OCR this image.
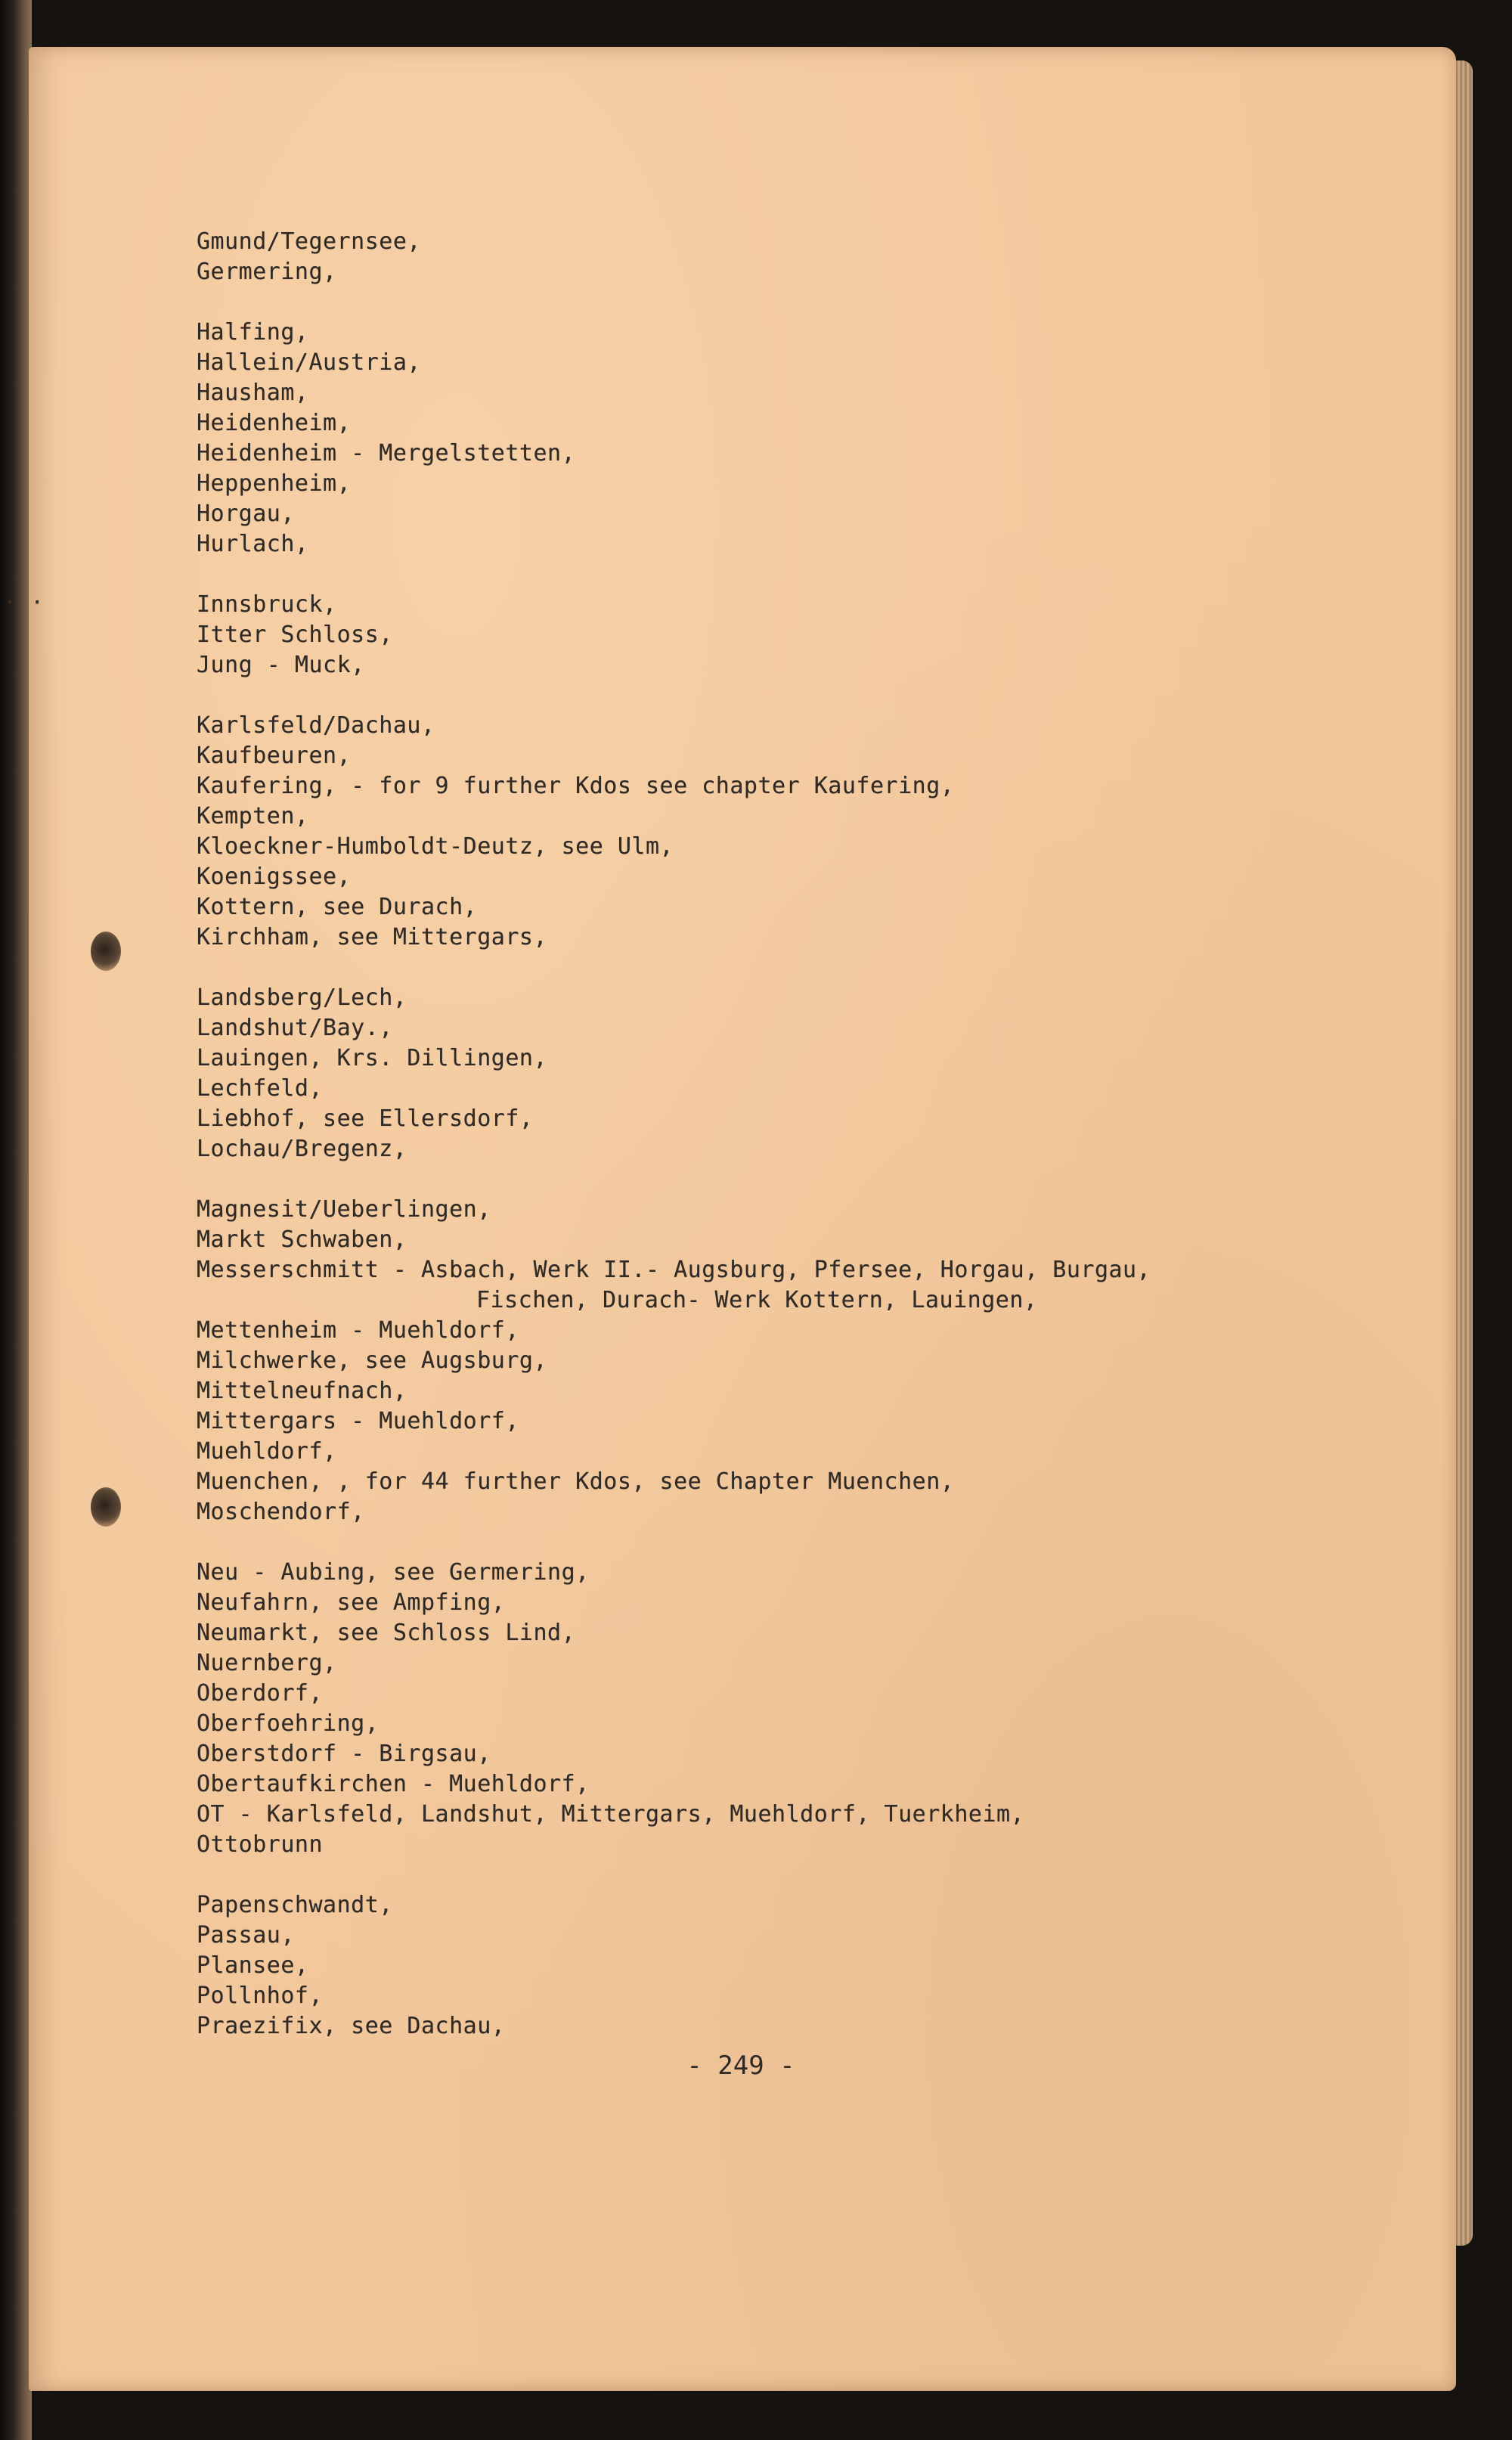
· ·
Gmund/Tegernsee,
Germering,
Halfing,
Hallein/Austria,
Hausham,
Heidenheim,
Heidenheim - Mergelstetten,
Heppenheim,
Horgau,
Hurlach,
Innsbruck,
Itter Schloss,
Jung - Muck,
Karlsfeld/Dachau,
Kaufbeuren,
Kaufering, - for 9 further Kdos see chapter Kaufering,
Kempten,
Kloeckner-Humboldt-Deutz, see Ulm,
Koenigssee,
Kottern, see Durach,
Kirchham, see Mittergars,
Landsberg/Lech,
Landshut/Bay.,
Lauingen, Krs. Dillingen,
Lechfeld,
Liebhof, see Ellersdorf,
Lochau/Bregenz,
Magnesit/Ueberlingen,
Markt Schwaben,
Messerschmitt - Asbach, Werk II.- Augsburg, Pfersee, Horgau, Burgau,
Fischen, Durach- Werk Kottern, Lauingen,
Mettenheim - Muehldorf,
Milchwerke, see Augsburg,
Mittelneufnach,
Mittergars - Muehldorf,
Muehldorf,
Muenchen, , for 44 further Kdos, see Chapter Muenchen,
Moschendorf,
Neu - Aubing, see Germering,
Neufahrn, see Ampfing,
Neumarkt, see Schloss Lind,
Nuernberg,
Oberdorf,
Oberfoehring,
Oberstdorf - Birgsau,
Obertaufkirchen - Muehldorf,
OT - Karlsfeld, Landshut, Mittergars, Muehldorf, Tuerkheim,
Ottobrunn
Papenschwandt,
Passau,
Plansee,
Pollnhof,
Praezifix, see Dachau,
- 249 -
